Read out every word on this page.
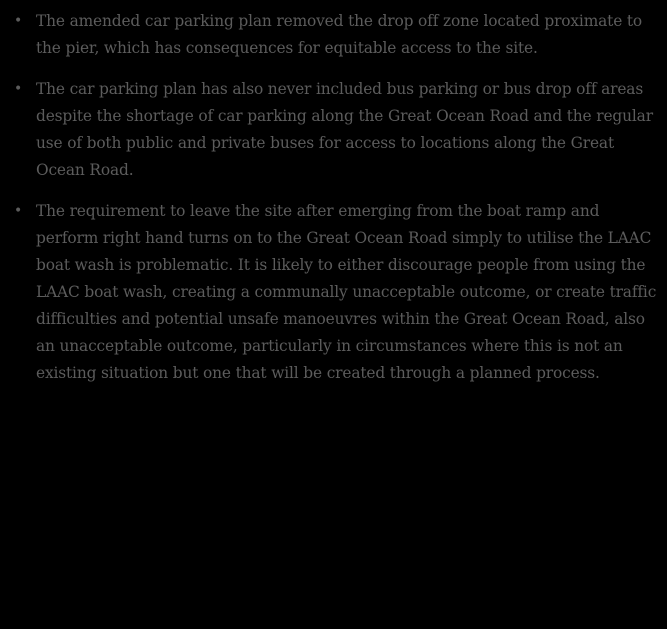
• The amended car parking plan removed the drop off zone located proximate to the pier, which has consequences for equitable access to the site.
• The car parking plan has also never included bus parking or bus drop off areas despite the shortage of car parking along the Great Ocean Road and the regular use of both public and private buses for access to locations along the Great Ocean Road.
• The requirement to leave the site after emerging from the boat ramp and perform right hand turns on to the Great Ocean Road simply to utilise the LAAC boat wash is problematic. It is likely to either discourage people from using the LAAC boat wash, creating a communally unacceptable outcome, or create traffic difficulties and potential unsafe manoeuvres within the Great Ocean Road, also an unacceptable outcome, particularly in circumstances where this is not an existing situation but one that will be created through a planned process.
